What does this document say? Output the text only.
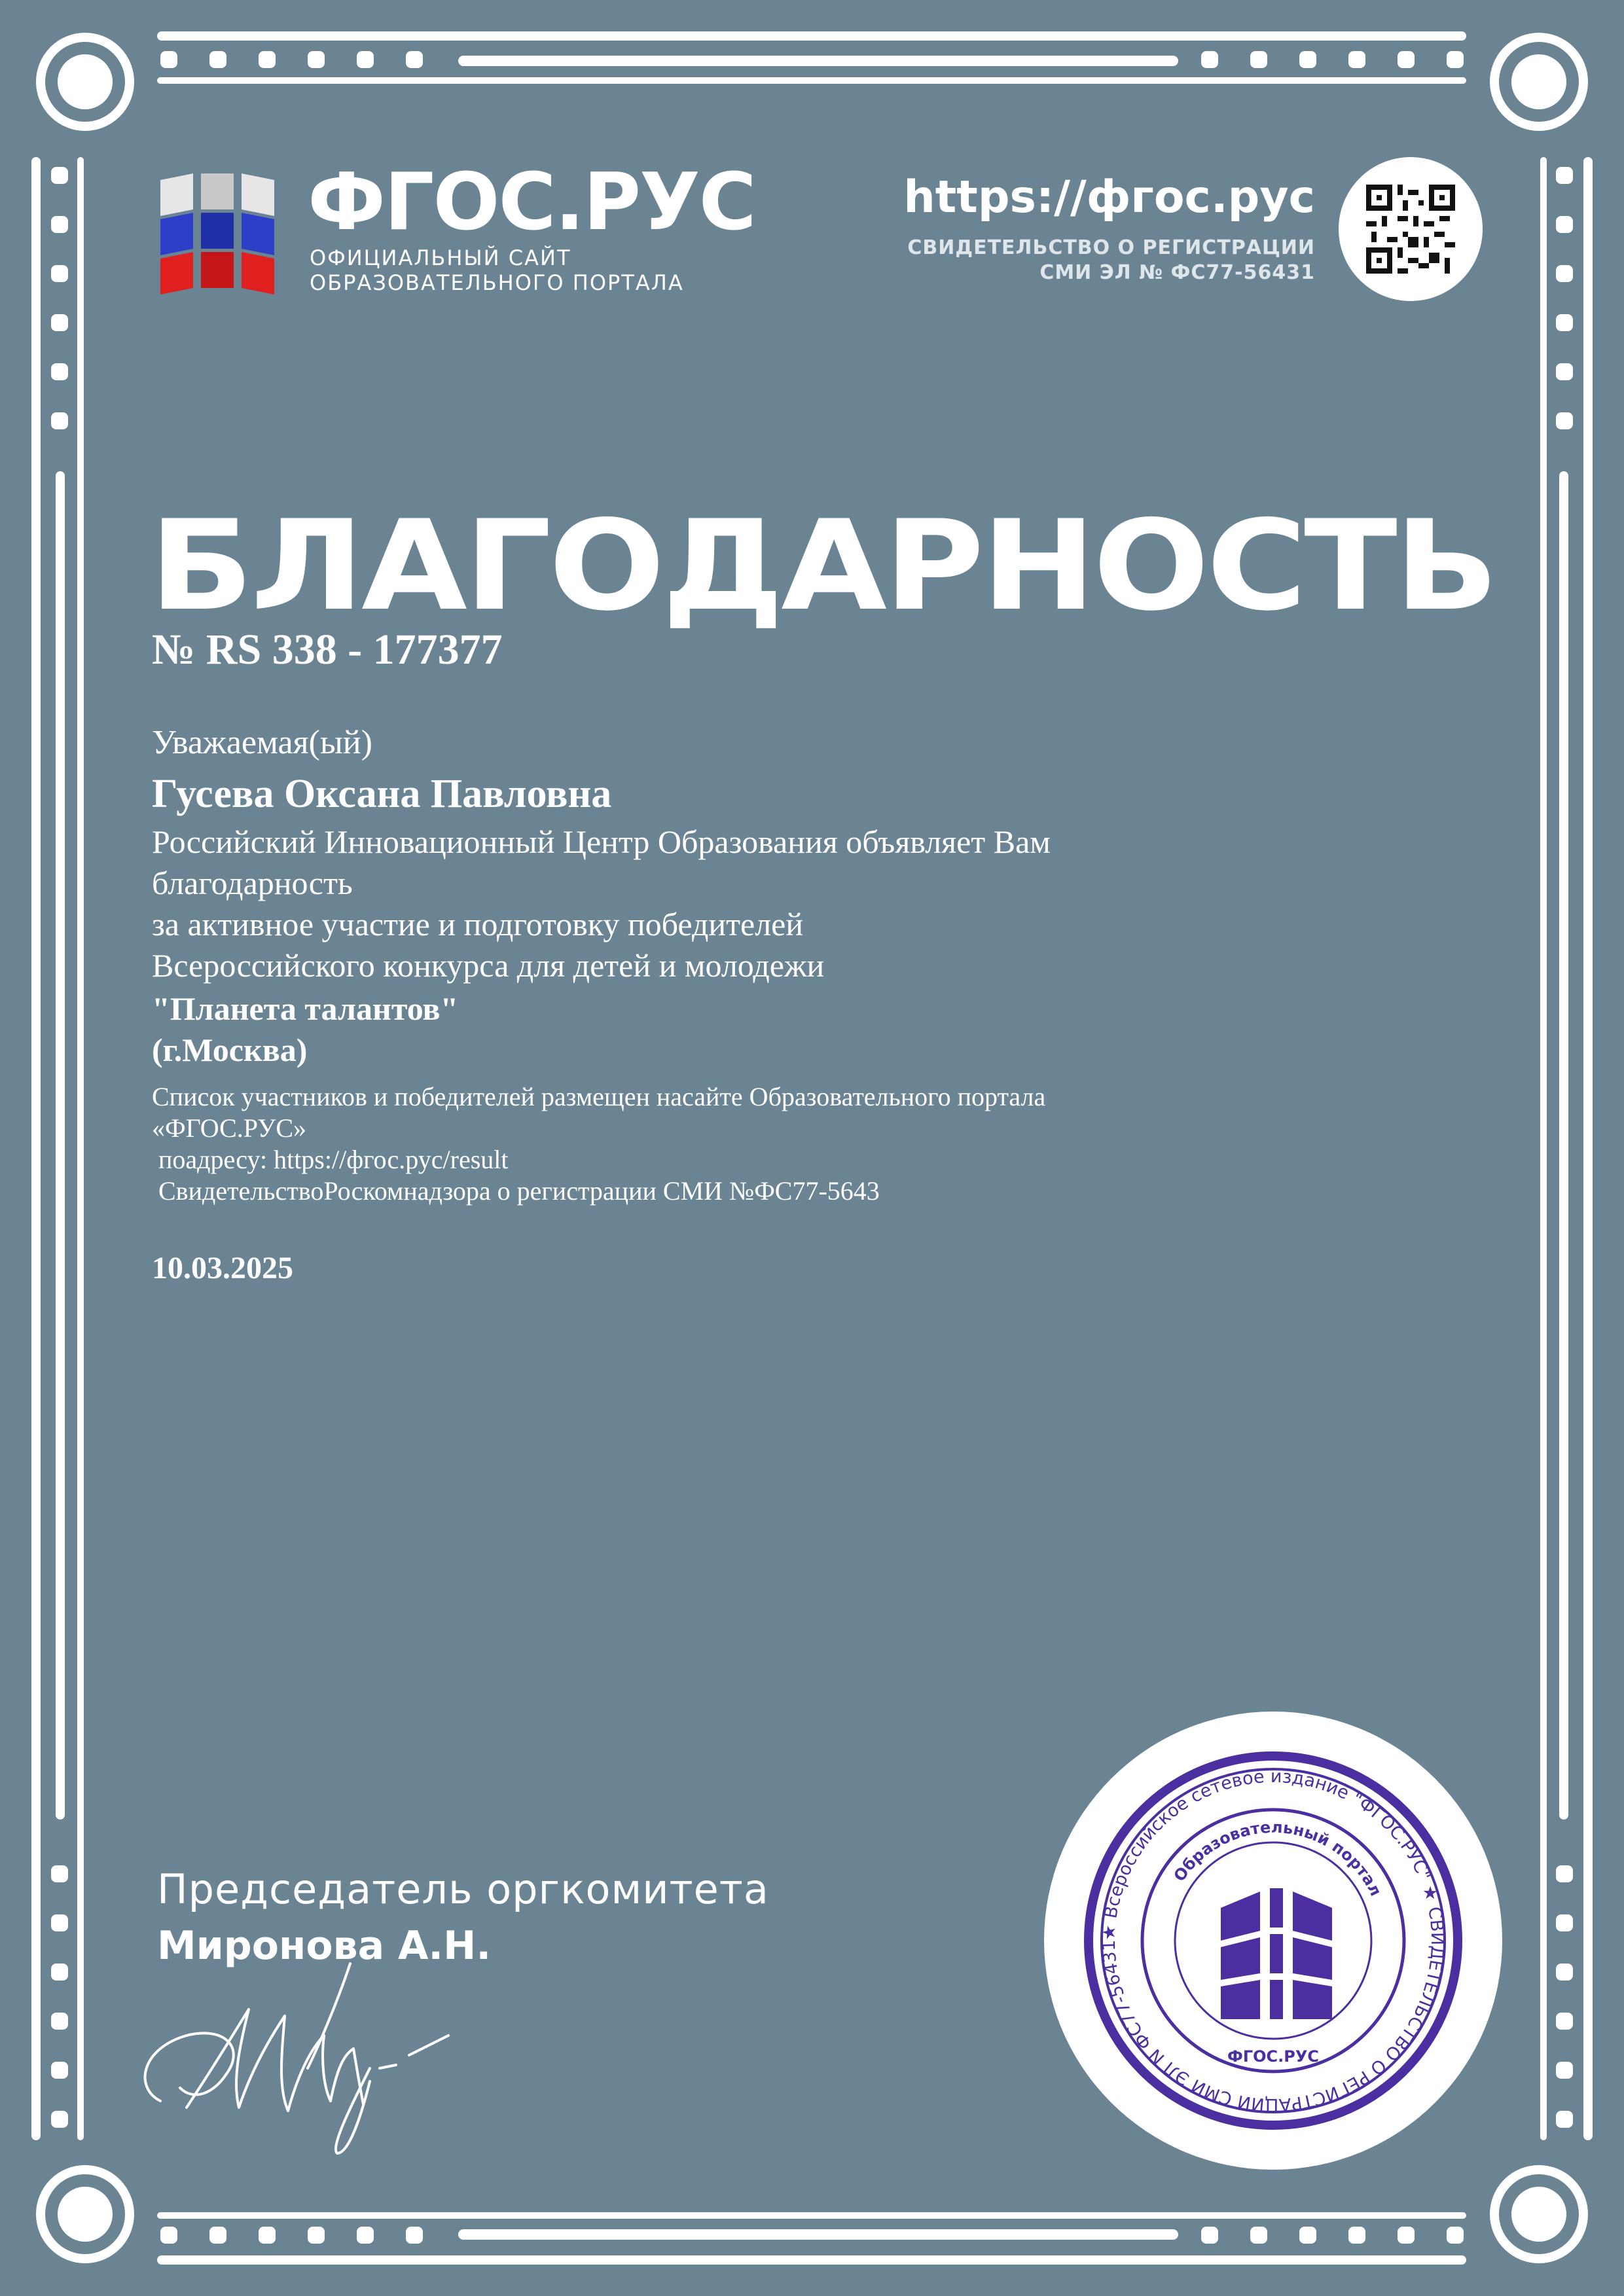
ФГОС.РУС
ОФИЦИАЛЬНЫЙ САЙТ
ОБРАЗОВАТЕЛЬНОГО ПОРТАЛА
https://фгос.рус
СВИДЕТЕЛЬСТВО О РЕГИСТРАЦИИ
СМИ ЭЛ № ФС77-56431
БЛАГОДАРНОСТЬ
№ RS 338 - 177377
Уважаемая(ый)
Гусева Оксана Павловна
Российский Инновационный Центр Образования объявляет Вам
благодарность
за активное участие и подготовку победителей
Всероссийского конкурса для детей и молодежи
"Планета талантов"
(г.Москва)
Список участников и победителей размещен насайте Образовательного портала
«ФГОС.РУС»
поадресу: https://фгос.рус/result
СвидетельствоРоскомнадзора о регистрации СМИ №ФС77-5643
10.03.2025
Председатель оргкомитета
Миронова А.Н.	★ Всероссийское сетевое издание "ФГОС.РУС" ★ СВИДЕТЕЛЬСТВО О РЕГИСТРАЦИИ СМИ ЭЛ N ФС77-56431
Образовательный портал
ФГОС.РУС
